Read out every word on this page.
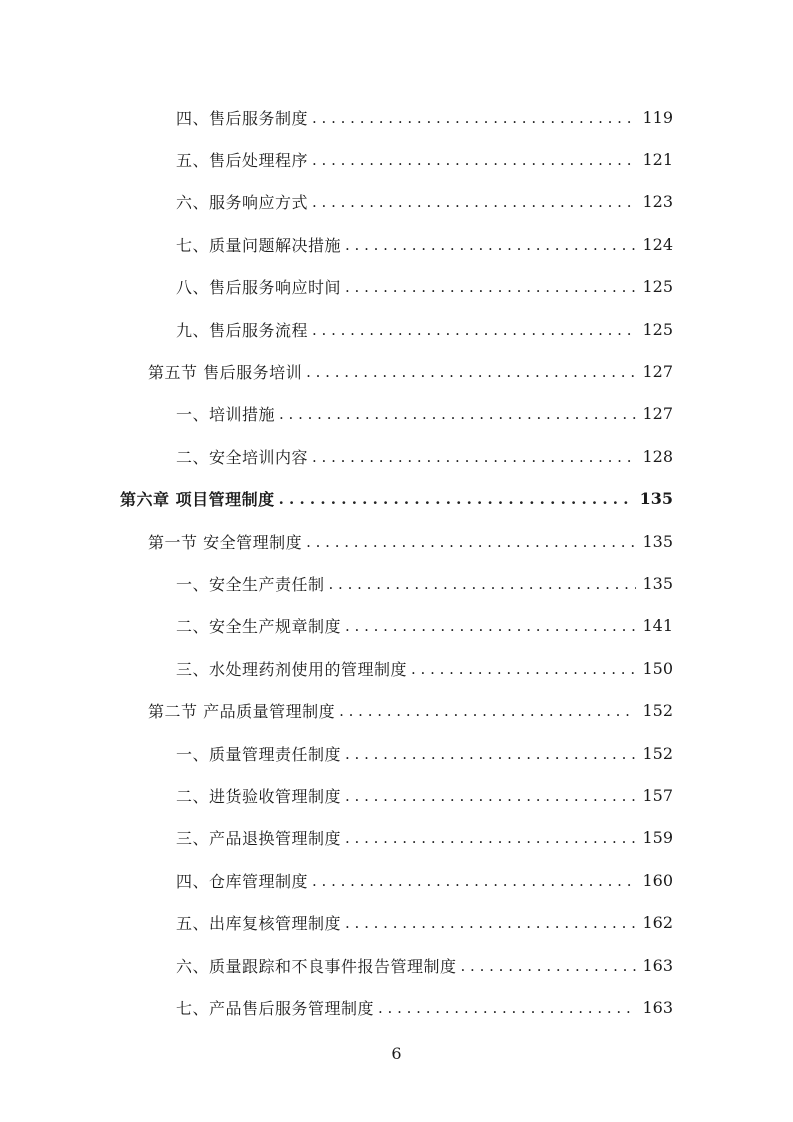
四、售后服务制度 . . .	119
五、售后处理程序 . . .	121
六、服务响应方式 . . .	123
七、质量问题解决措施 . . .	124
八、售后服务响应时间 . . .	125
九、售后服务流程 . . .	125
第五节 售后服务培训 . . .	127
一、培训措施 . . .	127
二、安全培训内容 . . .	128
第六章 项目管理制度 . . .	135
第一节 安全管理制度 . . .	135
一、安全生产责任制 . . .	135
二、安全生产规章制度 . . .	141
三、水处理药剂使用的管理制度 . . .	150
第二节 产品质量管理制度 . . .	152
一、质量管理责任制度 . . .	152
二、进货验收管理制度 . . .	157
三、产品退换管理制度 . . .	159
四、仓库管理制度 . . .	160
五、出库复核管理制度 . . .	162
六、质量跟踪和不良事件报告管理制度 . . .	163
七、产品售后服务管理制度 . . .	163
6
